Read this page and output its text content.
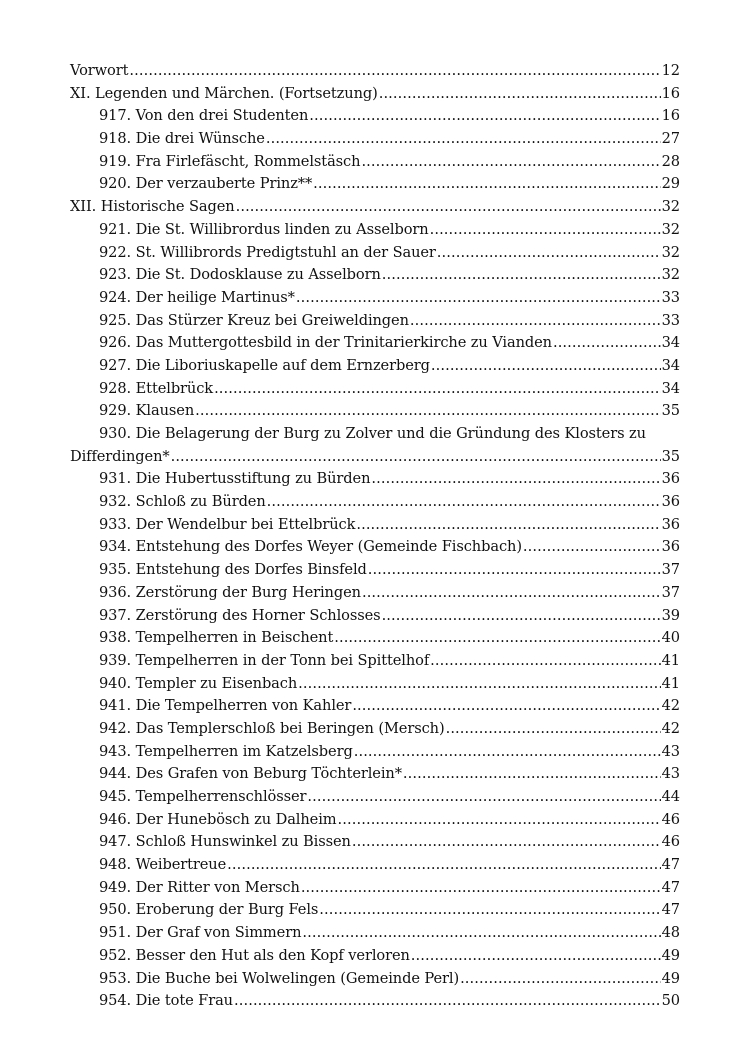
Vorwort .....	12
XI. Legenden und Märchen. (Fortsetzung) .....	16
917. Von den drei Studenten .....	16
918. Die drei Wünsche .....	27
919. Fra Firlefäscht, Rommelstäsch .....	28
920. Der verzauberte Prinz** .....	29
XII. Historische Sagen .....	32
921. Die St. Willibrordus linden zu Asselborn .....	32
922. St. Willibrords Predigtstuhl an der Sauer .....	32
923. Die St. Dodosklause zu Asselborn .....	32
924. Der heilige Martinus* .....	33
925. Das Stürzer Kreuz bei Greiweldingen .....	33
926. Das Muttergottesbild in der Trinitarierkirche zu Vianden .....	34
927. Die Liboriuskapelle auf dem Ernzerberg .....	34
928. Ettelbrück .....	34
929. Klausen .....	35
930. Die Belagerung der Burg zu Zolver und die Gründung des Klosters zu
Differdingen* .....	35
931. Die Hubertusstiftung zu Bürden .....	36
932. Schloß zu Bürden .....	36
933. Der Wendelbur bei Ettelbrück .....	36
934. Entstehung des Dorfes Weyer (Gemeinde Fischbach) .....	36
935. Entstehung des Dorfes Binsfeld .....	37
936. Zerstörung der Burg Heringen .....	37
937. Zerstörung des Horner Schlosses .....	39
938. Tempelherren in Beischent .....	40
939. Tempelherren in der Tonn bei Spittelhof .....	41
940. Templer zu Eisenbach .....	41
941. Die Tempelherren von Kahler .....	42
942. Das Templerschloß bei Beringen (Mersch) .....	42
943. Tempelherren im Katzelsberg .....	43
944. Des Grafen von Beburg Töchterlein* .....	43
945. Tempelherrenschlösser .....	44
946. Der Hunebösch zu Dalheim .....	46
947. Schloß Hunswinkel zu Bissen .....	46
948. Weibertreue .....	47
949. Der Ritter von Mersch .....	47
950. Eroberung der Burg Fels .....	47
951. Der Graf von Simmern .....	48
952. Besser den Hut als den Kopf verloren .....	49
953. Die Buche bei Wolwelingen (Gemeinde Perl) .....	49
954. Die tote Frau .....	50
